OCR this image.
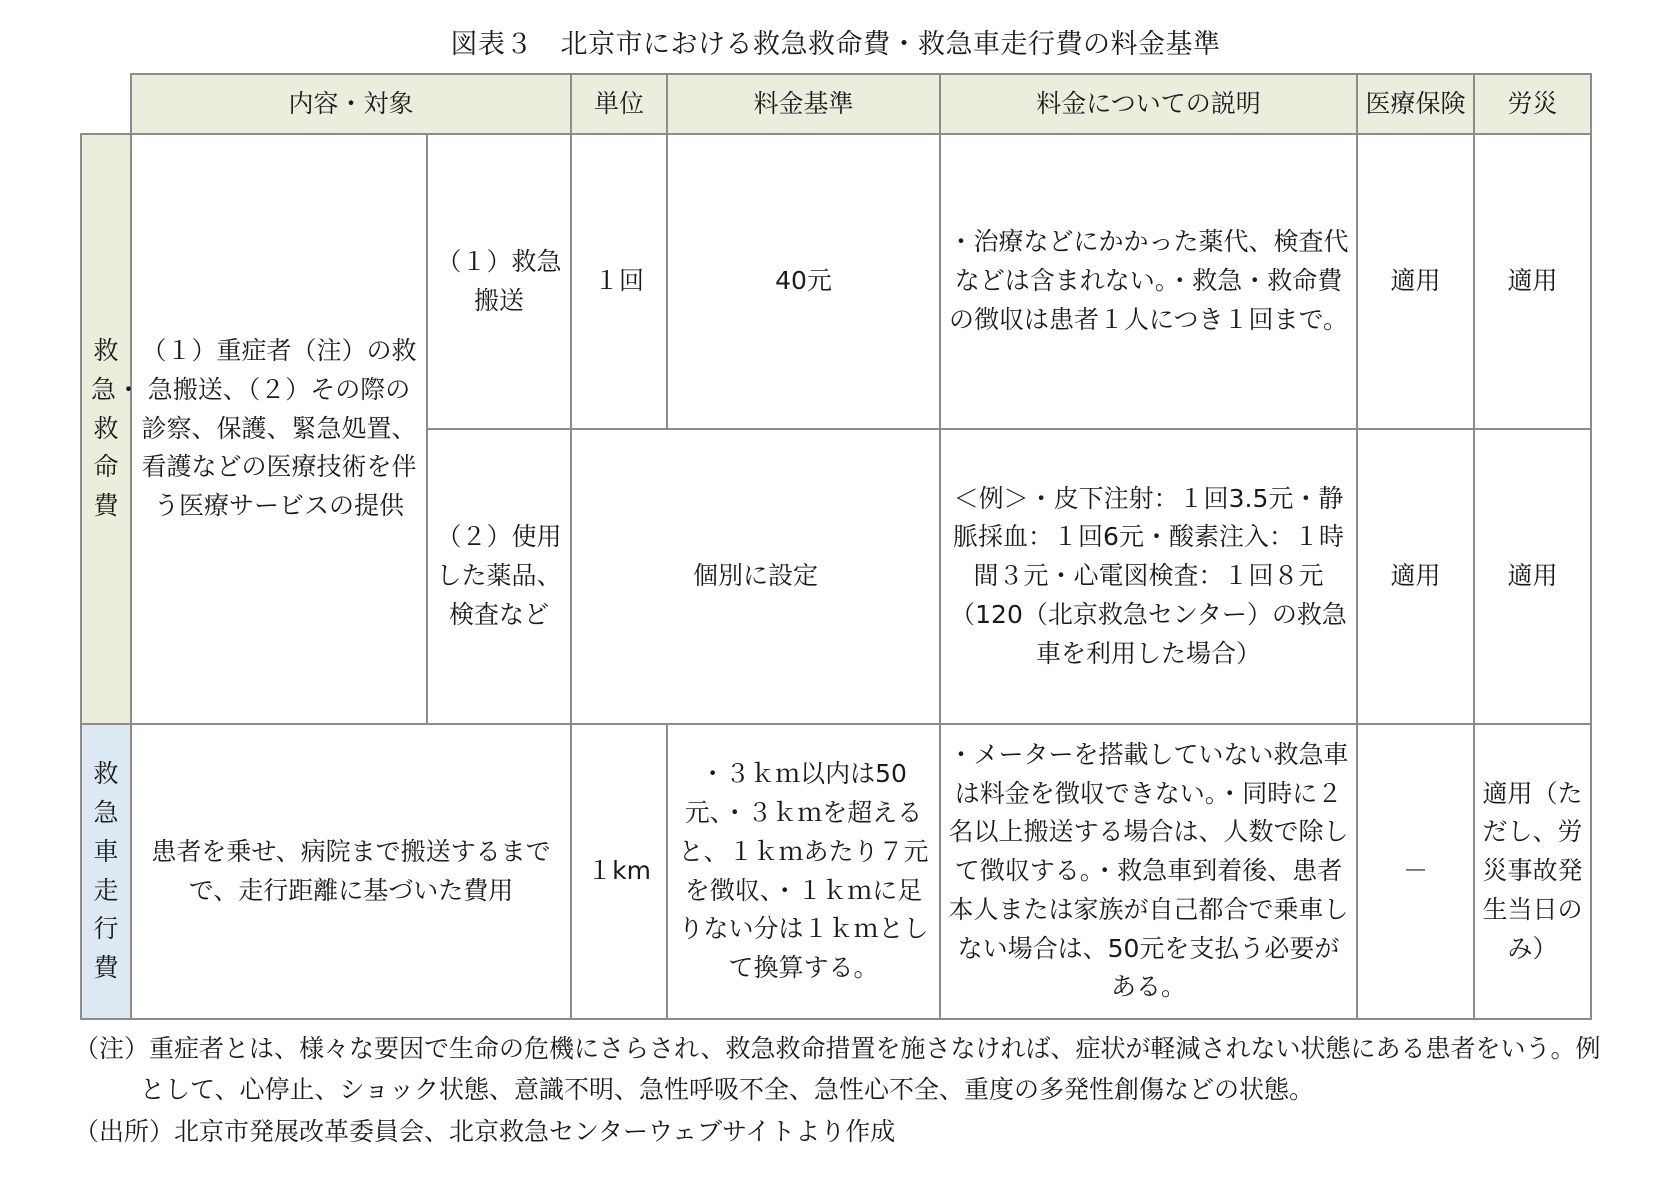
図表３　北京市における救急救命費・救急車走行費の料金基準
	内容・対象		単位	料金基準	料金についての説明	医療保険	労災
救急・救命費	（１）重症者（注）の救急搬送、（２）その際の診察、保護、緊急処置、看護などの医療技術を伴う医療サービスの提供	（１）救急搬送	１回	40元	・治療などにかかった薬代、検査代などは含まれない。・救急・救命費の徴収は患者１人につき１回まで。	適用	適用
		（２）使用した薬品、検査など	個別に設定		＜例＞・皮下注射：１回3.5元・静脈採血：１回6元・酸素注入：１時間３元・心電図検査：１回８元（120（北京救急センター）の救急車を利用した場合）	適用	適用
救急車走行費	患者を乗せ、病院まで搬送するまでで、走行距離に基づいた費用		１km	・３ｋｍ以内は50元、・３ｋｍを超えると、１ｋｍあたり７元を徴収、・１ｋｍに足りない分は１ｋｍとして換算する。	・メーターを搭載していない救急車は料金を徴収できない。・同時に２名以上搬送する場合は、人数で除して徴収する。・救急車到着後、患者本人または家族が自己都合で乗車しない場合は、50元を支払う必要がある。	－	適用（ただし、労災事故発生当日のみ）
（注）重症者とは、様々な要因で生命の危機にさらされ、救急救命措置を施さなければ、症状が軽減されない状態にある患者をいう。例
として、心停止、ショック状態、意識不明、急性呼吸不全、急性心不全、重度の多発性創傷などの状態。
（出所）北京市発展改革委員会、北京救急センターウェブサイトより作成
